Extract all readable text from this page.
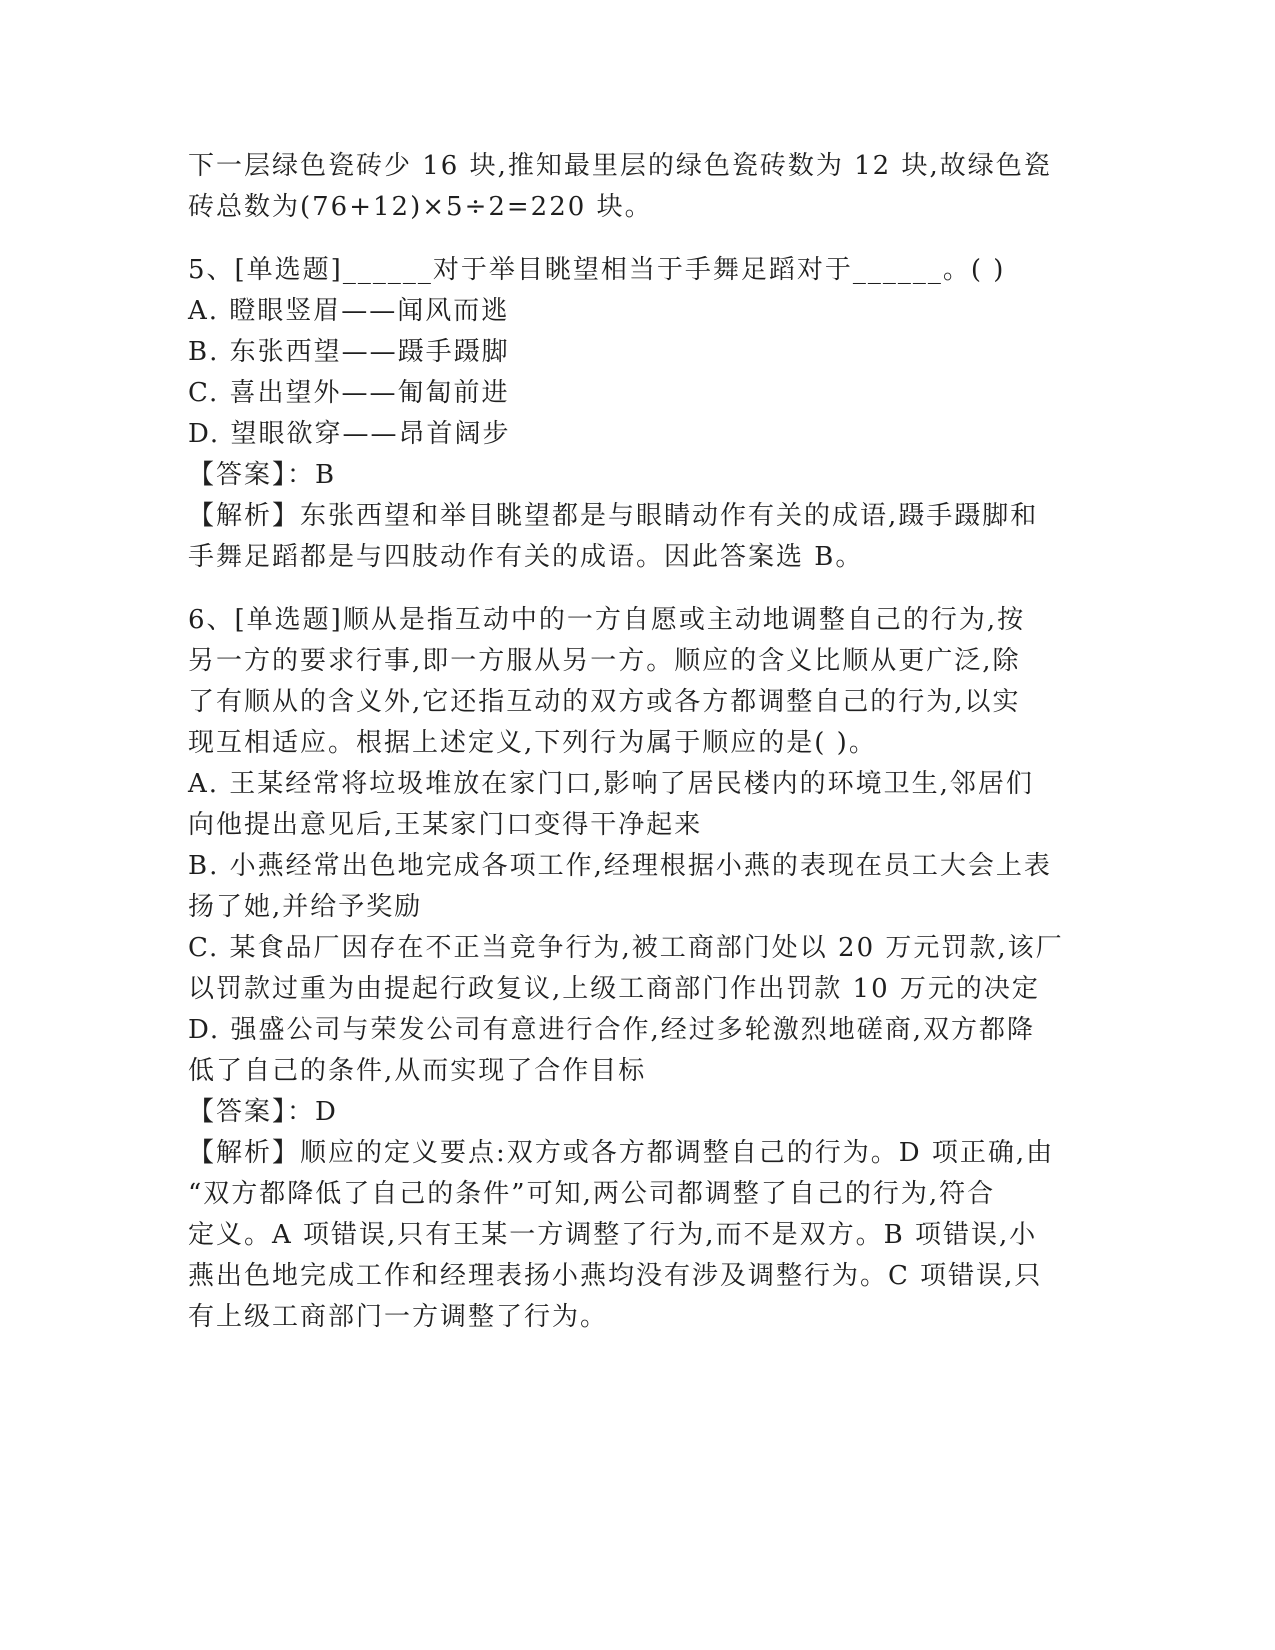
下一层绿色瓷砖少 16 块,推知最里层的绿色瓷砖数为 12 块,故绿色瓷
砖总数为(76+12)×5÷2=220 块。
5、[单选题]______对于举目眺望相当于手舞足蹈对于______。( )
A. 瞪眼竖眉——闻风而逃
B. 东张西望——蹑手蹑脚
C. 喜出望外——匍匐前进
D. 望眼欲穿——昂首阔步
【答案】：B
【解析】东张西望和举目眺望都是与眼睛动作有关的成语,蹑手蹑脚和
手舞足蹈都是与四肢动作有关的成语。因此答案选 B。
6、[单选题]顺从是指互动中的一方自愿或主动地调整自己的行为,按
另一方的要求行事,即一方服从另一方。顺应的含义比顺从更广泛,除
了有顺从的含义外,它还指互动的双方或各方都调整自己的行为,以实
现互相适应。根据上述定义,下列行为属于顺应的是( )。
A. 王某经常将垃圾堆放在家门口,影响了居民楼内的环境卫生,邻居们
向他提出意见后,王某家门口变得干净起来
B. 小燕经常出色地完成各项工作,经理根据小燕的表现在员工大会上表
扬了她,并给予奖励
C. 某食品厂因存在不正当竞争行为,被工商部门处以 20 万元罚款,该厂
以罚款过重为由提起行政复议,上级工商部门作出罚款 10 万元的决定
D. 强盛公司与荣发公司有意进行合作,经过多轮激烈地磋商,双方都降
低了自己的条件,从而实现了合作目标
【答案】：D
【解析】顺应的定义要点:双方或各方都调整自己的行为。D 项正确,由
“双方都降低了自己的条件”可知,两公司都调整了自己的行为,符合
定义。A 项错误,只有王某一方调整了行为,而不是双方。B 项错误,小
燕出色地完成工作和经理表扬小燕均没有涉及调整行为。C 项错误,只
有上级工商部门一方调整了行为。
